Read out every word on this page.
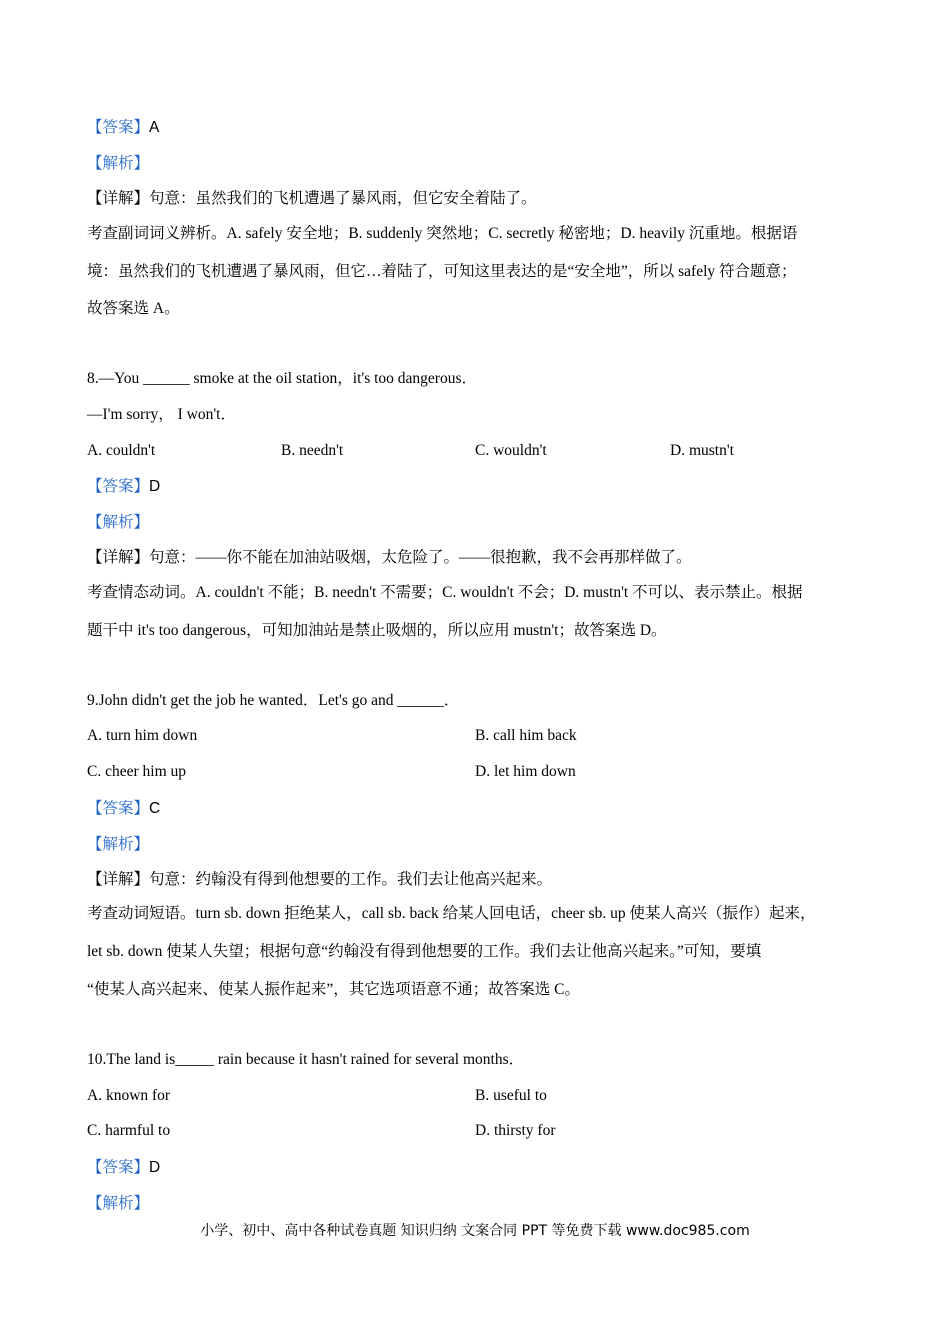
【答案】A
【解析】
【详解】句意：虽然我们的飞机遭遇了暴风雨，但它安全着陆了。
考查副词词义辨析。A. safely 安全地；B. suddenly 突然地；C. secretly 秘密地；D. heavily 沉重地。根据语
境：虽然我们的飞机遭遇了暴风雨，但它…着陆了，可知这里表达的是“安全地”，所以 safely 符合题意；
故答案选 A。
8.—You ______ smoke at the oil station，it's too dangerous．
—I'm sorry， I won't．
A. couldn't	B. needn't	C. wouldn't	D. mustn't
【答案】D
【解析】
【详解】句意：——你不能在加油站吸烟，太危险了。——很抱歉，我不会再那样做了。
考查情态动词。A. couldn't 不能；B. needn't 不需要；C. wouldn't 不会；D. mustn't 不可以、表示禁止。根据
题干中 it's too dangerous，可知加油站是禁止吸烟的，所以应用 mustn't；故答案选 D。
9.John didn't get the job he wanted．Let's go and ______．
A. turn him down	B. call him back
C. cheer him up	D. let him down
【答案】C
【解析】
【详解】句意：约翰没有得到他想要的工作。我们去让他高兴起来。
考查动词短语。turn sb. down 拒绝某人，call sb. back 给某人回电话，cheer sb. up 使某人高兴（振作）起来，
let sb. down 使某人失望；根据句意“约翰没有得到他想要的工作。我们去让他高兴起来。”可知，要填
“使某人高兴起来、使某人振作起来”，其它选项语意不通；故答案选 C。
10.The land is_____ rain because it hasn't rained for several months．
A. known for	B. useful to
C. harmful to	D. thirsty for
【答案】D
【解析】
小学、初中、高中各种试卷真题 知识归纳 文案合同 PPT 等免费下载 www.doc985.com
